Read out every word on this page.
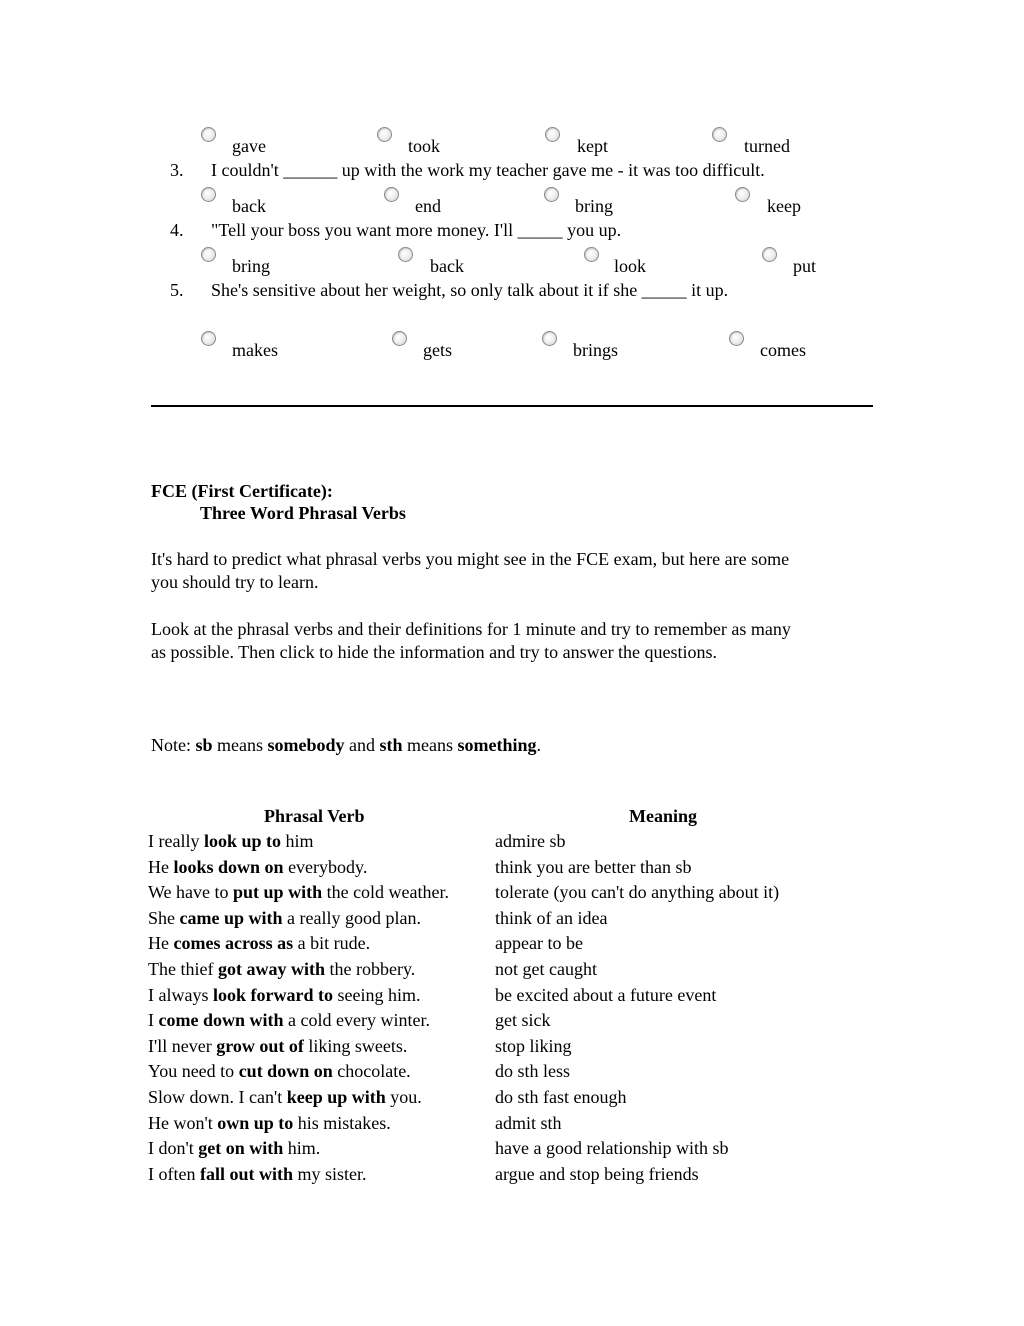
gave	took	kept	turned
3. I couldn't ______ up with the work my teacher gave me - it was too difficult.
back	end	bring	keep
4. "Tell your boss you want more money. I'll _____ you up.
bring	back	look	put
5. She's sensitive about her weight, so only talk about it if she _____ it up.
makes	gets	brings	comes
FCE (First Certificate):
Three Word Phrasal Verbs
It's hard to predict what phrasal verbs you might see in the FCE exam, but here are some
you should try to learn.
Look at the phrasal verbs and their definitions for 1 minute and try to remember as many
as possible. Then click to hide the information and try to answer the questions.
Note: sb means somebody and sth means something.
Phrasal Verb	Meaning
I really look up to him	admire sb
He looks down on everybody.	think you are better than sb
We have to put up with the cold weather.	tolerate (you can't do anything about it)
She came up with a really good plan.	think of an idea
He comes across as a bit rude.	appear to be
The thief got away with the robbery.	not get caught
I always look forward to seeing him.	be excited about a future event
I come down with a cold every winter.	get sick
I'll never grow out of liking sweets.	stop liking
You need to cut down on chocolate.	do sth less
Slow down. I can't keep up with you.	do sth fast enough
He won't own up to his mistakes.	admit sth
I don't get on with him.	have a good relationship with sb
I often fall out with my sister.	argue and stop being friends
